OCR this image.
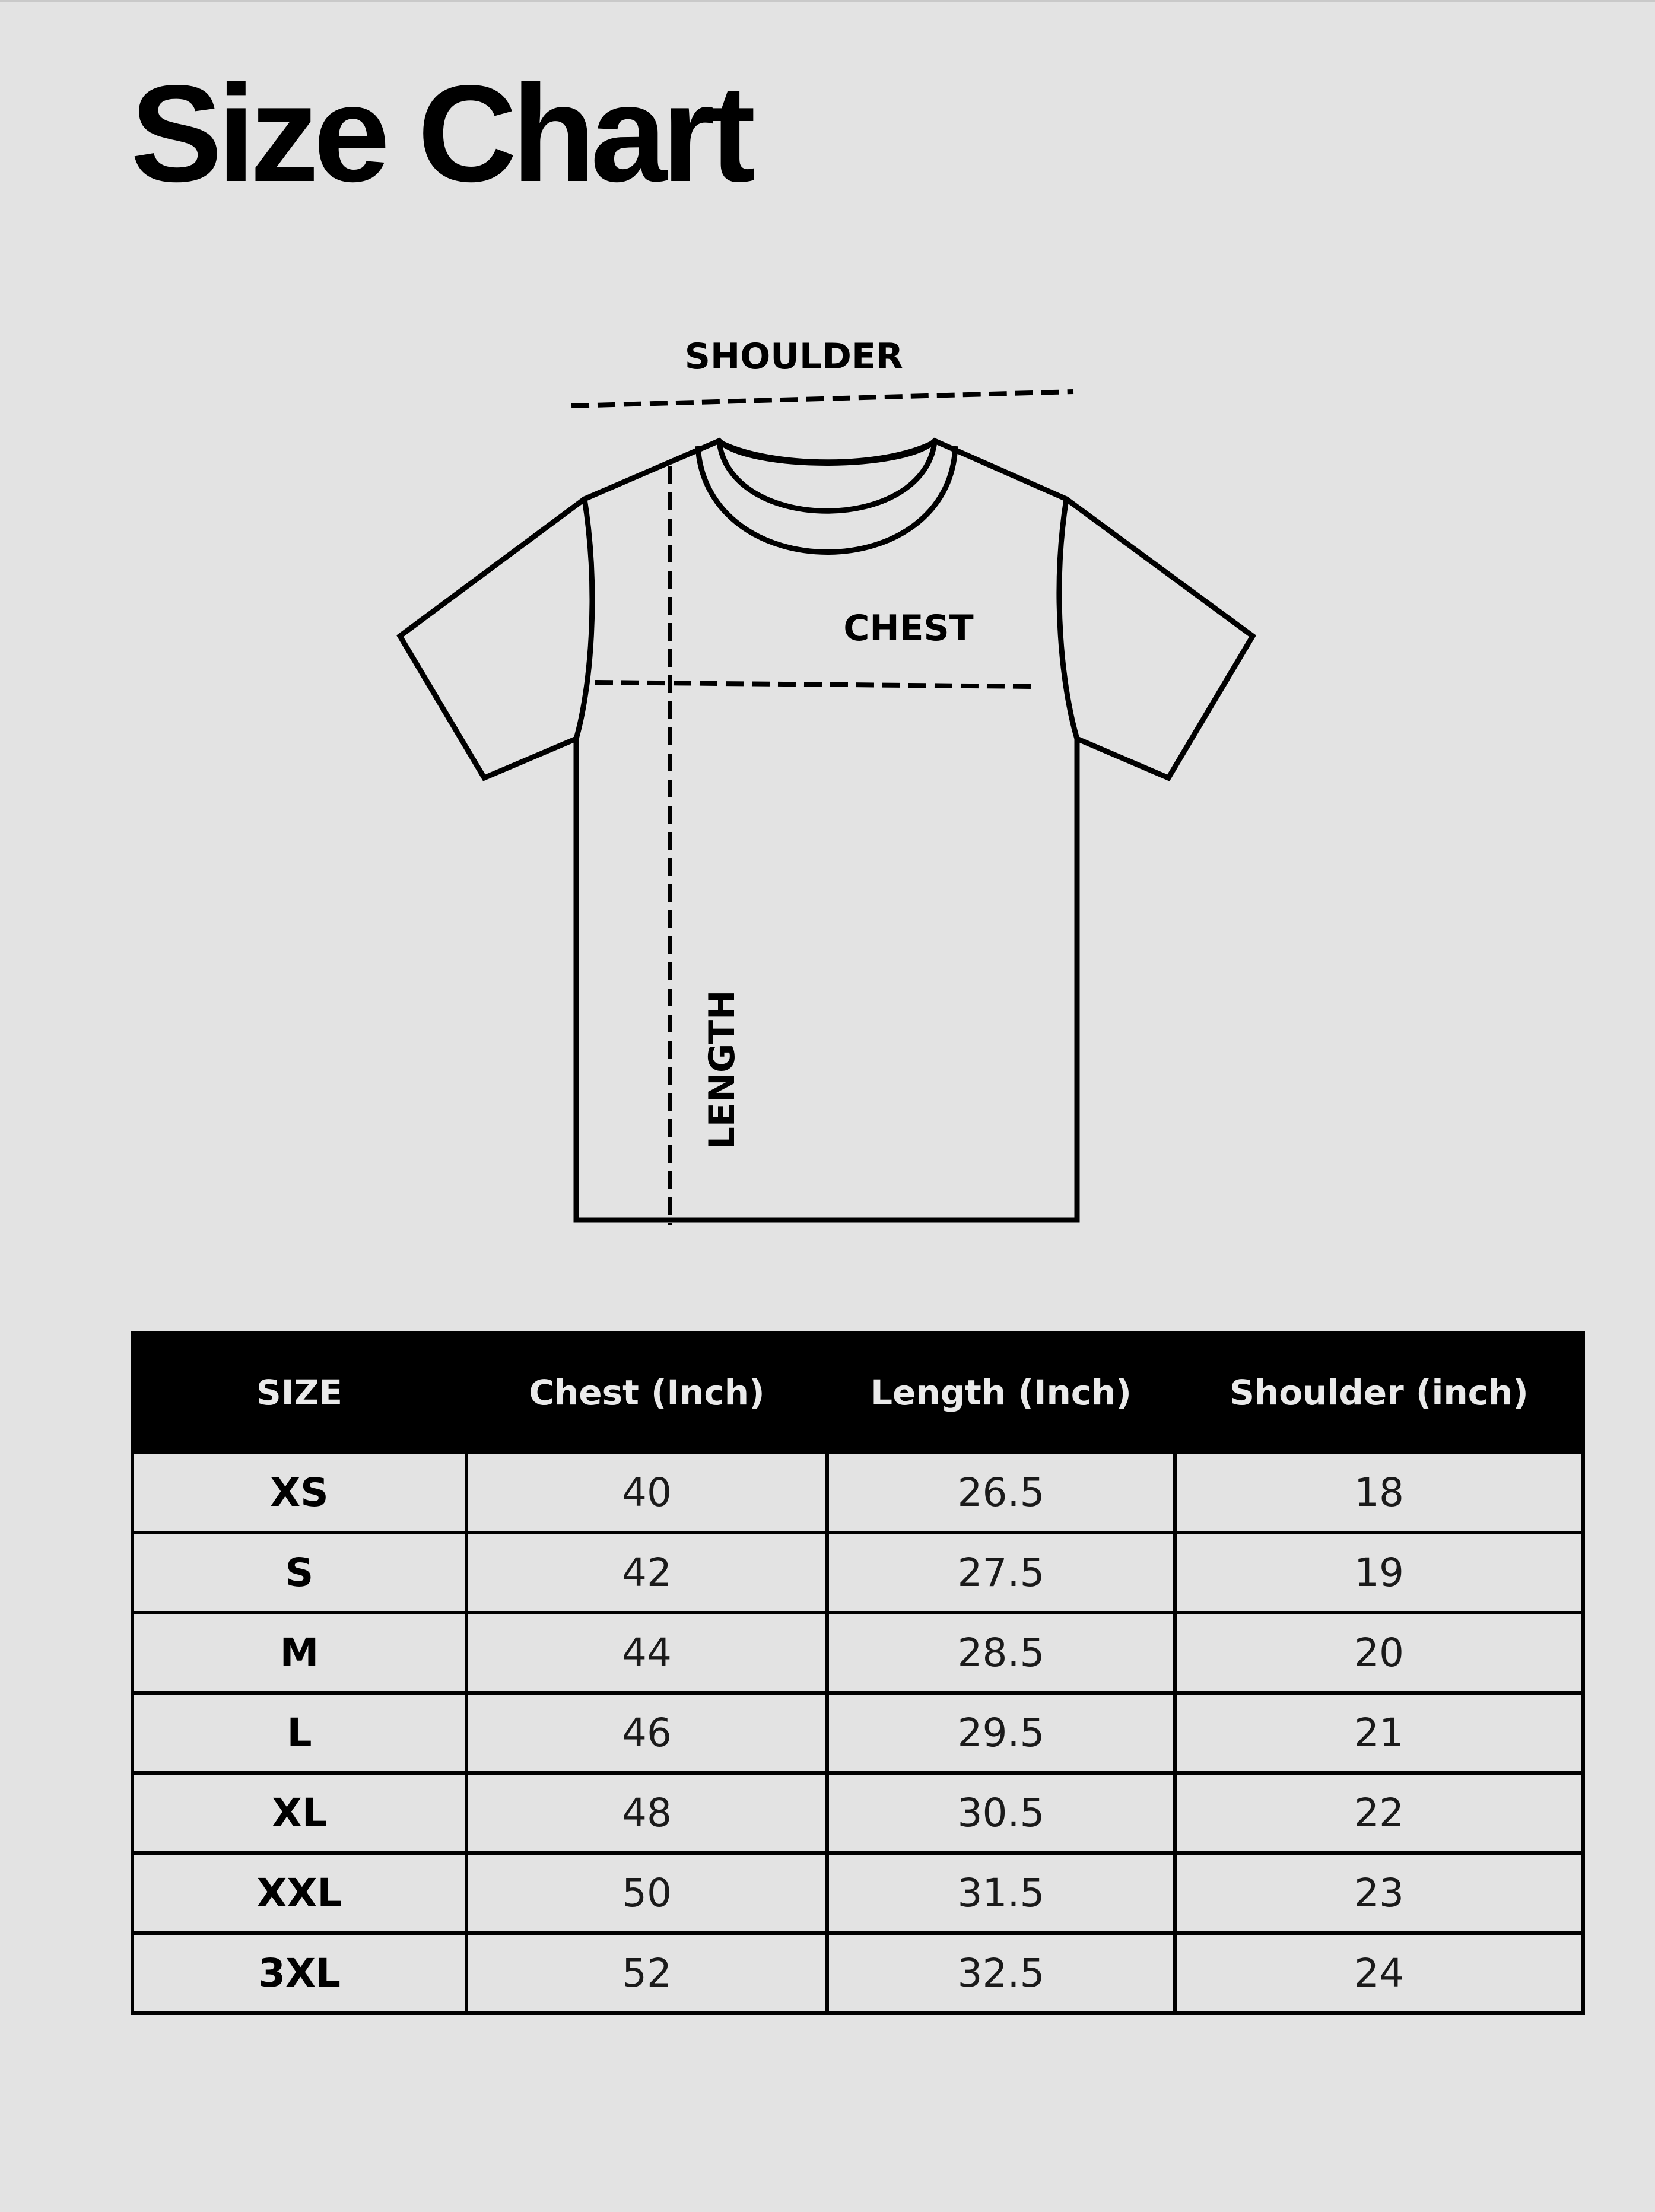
Size Chart
SHOULDER
CHEST
LENGTH
SIZE	Chest (Inch)	Length (Inch)	Shoulder (inch)
XS	40	26.5	18
S	42	27.5	19
M	44	28.5	20
L	46	29.5	21
XL	48	30.5	22
XXL	50	31.5	23
3XL	52	32.5	24
